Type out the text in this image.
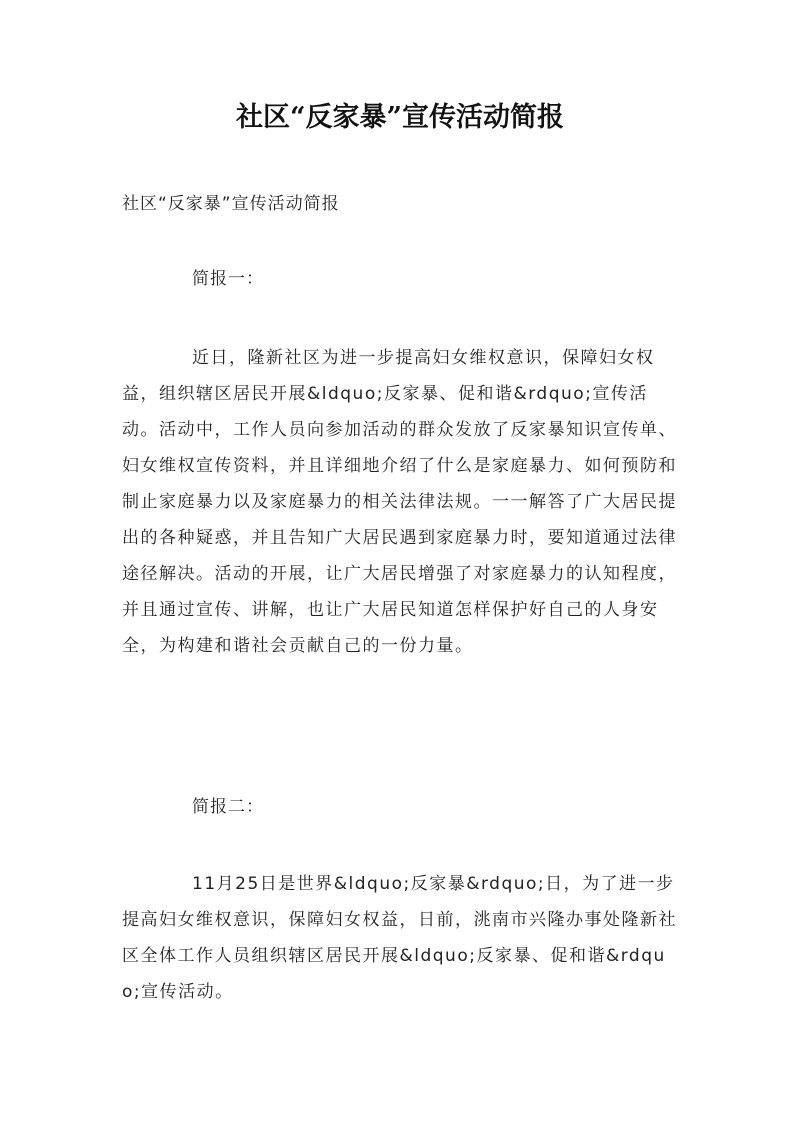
社区“反家暴”宣传活动简报

社区“反家暴”宣传活动简报

简报一：

近日，隆新社区为进一步提高妇女维权意识，保障妇女权益，组织辖区居民开展&ldquo;反家暴、促和谐&rdquo;宣传活动。活动中，工作人员向参加活动的群众发放了反家暴知识宣传单、妇女维权宣传资料，并且详细地介绍了什么是家庭暴力、如何预防和制止家庭暴力以及家庭暴力的相关法律法规。一一解答了广大居民提出的各种疑惑，并且告知广大居民遇到家庭暴力时，要知道通过法律途径解决。活动的开展，让广大居民增强了对家庭暴力的认知程度，并且通过宣传、讲解，也让广大居民知道怎样保护好自己的人身安全，为构建和谐社会贡献自己的一份力量。

简报二：

11月25日是世界&ldquo;反家暴&rdquo;日，为了进一步提高妇女维权意识，保障妇女权益，日前，洮南市兴隆办事处隆新社区全体工作人员组织辖区居民开展&ldquo;反家暴、促和谐&rdquo;宣传活动。
